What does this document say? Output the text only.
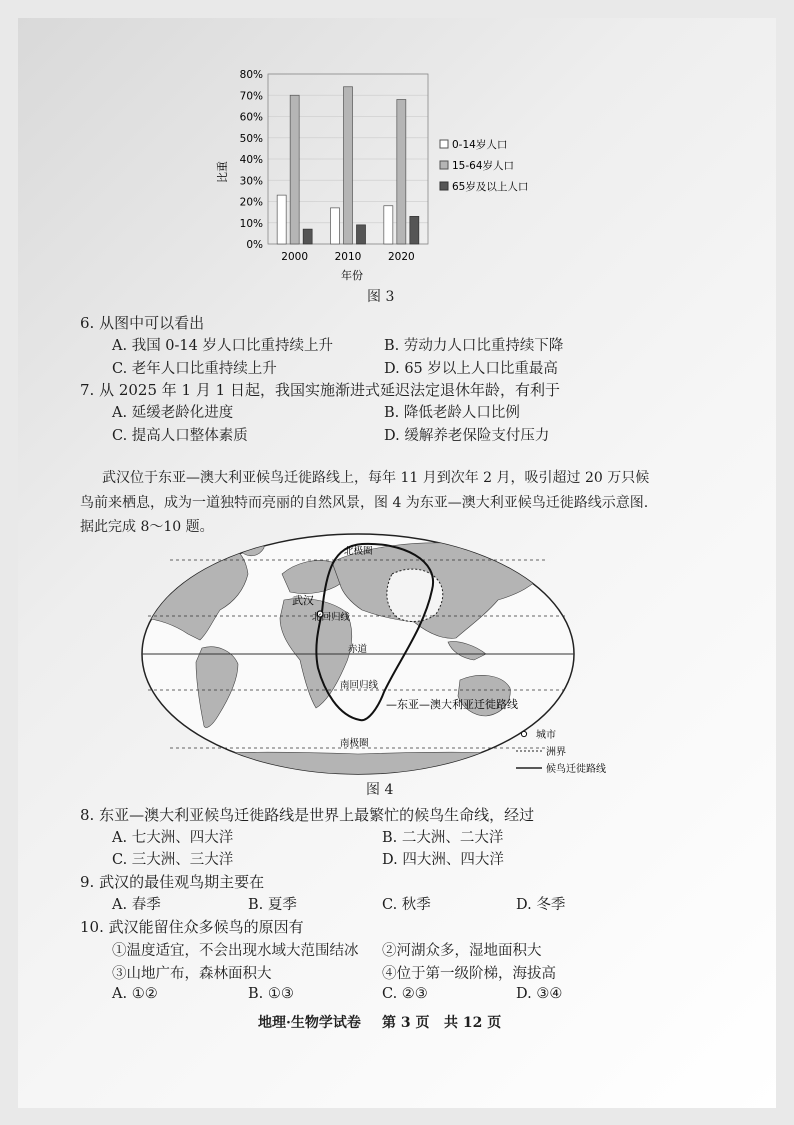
0%
10%
20%
30%
40%
50%
60%
70%
80%
2000	2010	2020
比重
年份
0-14岁人口
15-64岁人口
65岁及以上人口
图 3
6. 从图中可以看出
A. 我国 0-14 岁人口比重持续上升	B. 劳动力人口比重持续下降
C. 老年人口比重持续上升	D. 65 岁以上人口比重最高
7. 从 2025 年 1 月 1 日起，我国实施渐进式延迟法定退休年龄，有利于
A. 延缓老龄化进度	B. 降低老龄人口比例
C. 提高人口整体素质	D. 缓解养老保险支付压力
武汉位于东亚—澳大利亚候鸟迁徙路线上，每年 11 月到次年 2 月，吸引超过 20 万只候
鸟前来栖息，成为一道独特而亮丽的自然风景，图 4 为东亚—澳大利亚候鸟迁徙路线示意图.
据此完成 8～10 题。
北极圈
武汉
北回归线
赤道
南回归线
—东亚—澳大利亚迁徙路线
南极圈
城市
洲界
候鸟迁徙路线
图 4
8. 东亚—澳大利亚候鸟迁徙路线是世界上最繁忙的候鸟生命线，经过
A. 七大洲、四大洋	B. 二大洲、二大洋
C. 三大洲、三大洋	D. 四大洲、四大洋
9. 武汉的最佳观鸟期主要在
A. 春季	B. 夏季	C. 秋季	D. 冬季
10. 武汉能留住众多候鸟的原因有
①温度适宜，不会出现水域大范围结冰 ②河湖众多，湿地面积大
③山地广布，森林面积大	④位于第一级阶梯，海拔高
A. ①②	B. ①③	C. ②③	D. ③④
地理·生物学试卷 第 3 页 共 12 页
